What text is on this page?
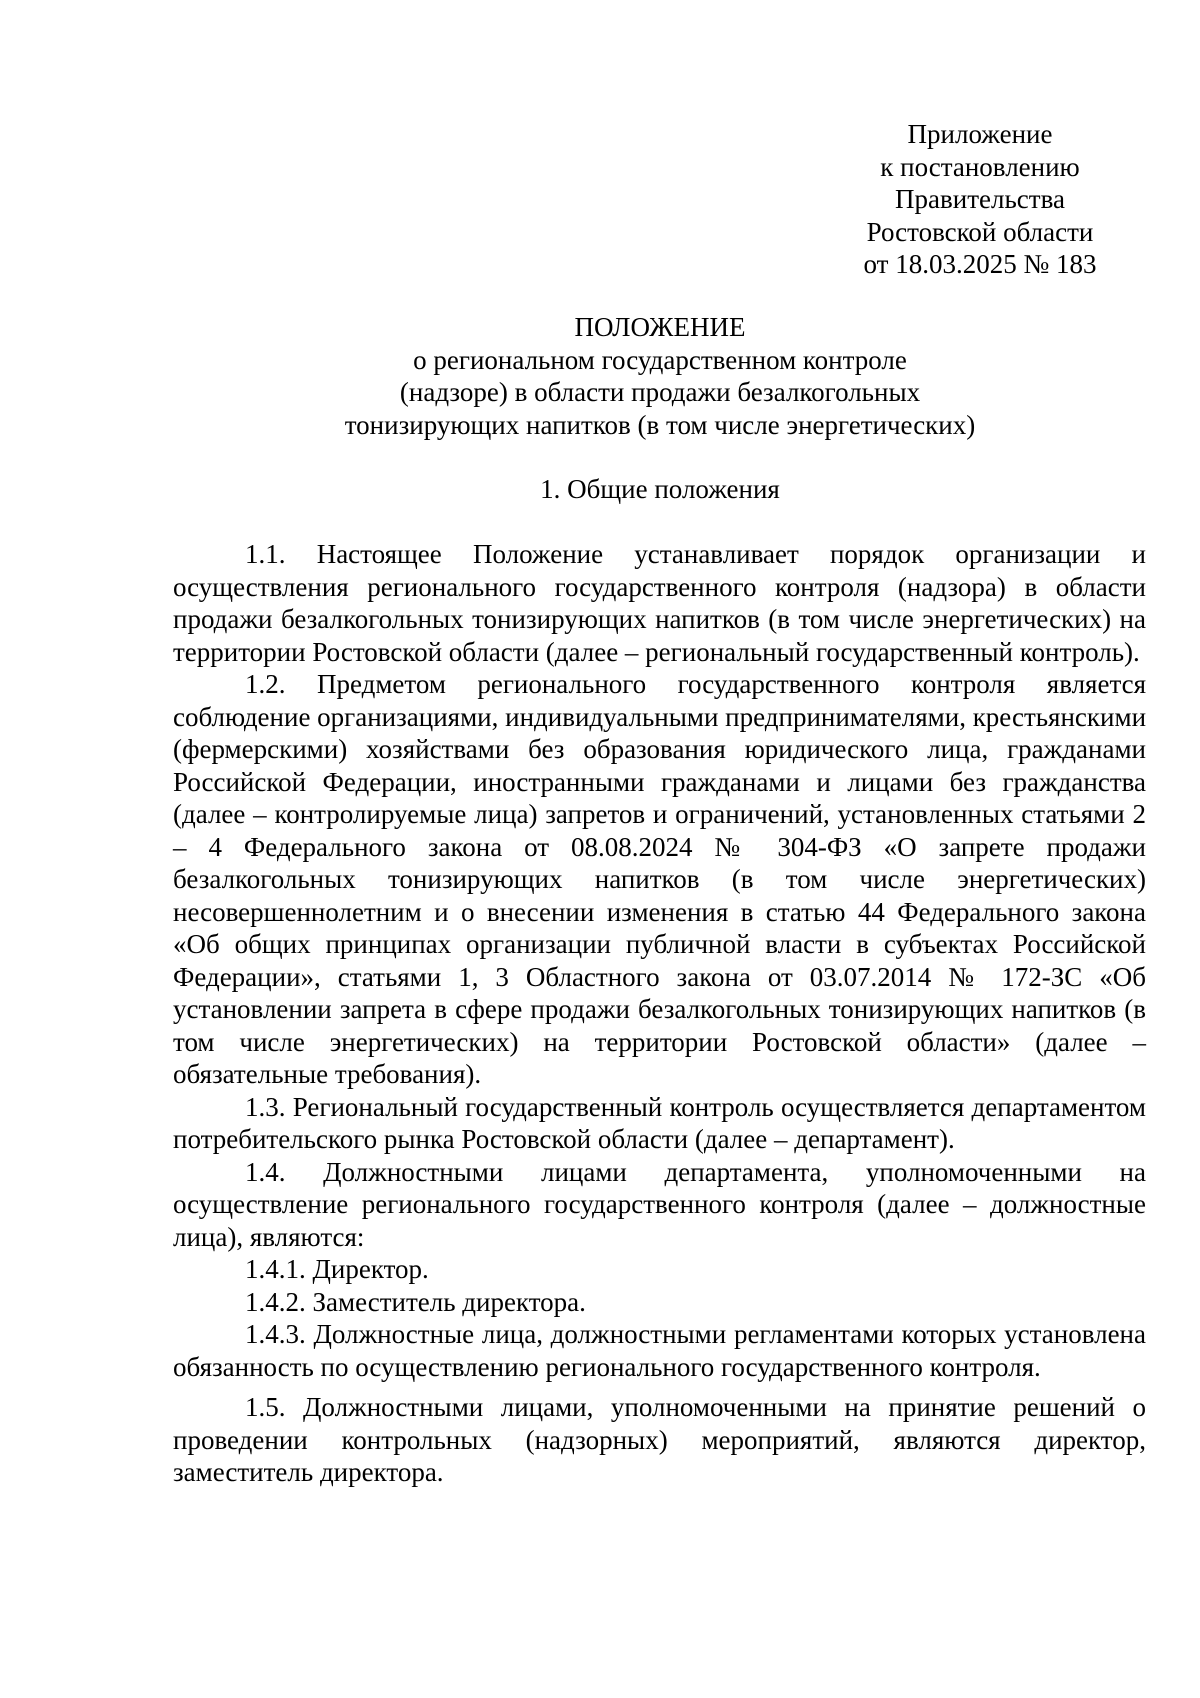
Приложение
к постановлению
Правительства
Ростовской области
от 18.03.2025 № 183
ПОЛОЖЕНИЕ
о региональном государственном контроле
(надзоре) в области продажи безалкогольных
тонизирующих напитков (в том числе энергетических)
1. Общие положения

1.1. Настоящее Положение устанавливает порядок организации и осуществления регионального государственного контроля (надзора) в области продажи безалкогольных тонизирующих напитков (в том числе энергетических) на территории Ростовской области (далее – региональный государственный контроль).

1.2. Предметом регионального государственного контроля является соблюдение организациями, индивидуальными предпринимателями, крестьянскими (фермерскими) хозяйствами без образования юридического лица, гражданами Российской Федерации, иностранными гражданами и лицами без гражданства (далее – контролируемые лица) запретов и ограничений, установленных статьями 2 – 4 Федерального закона от 08.08.2024 № 304-ФЗ «О запрете продажи безалкогольных тонизирующих напитков (в том числе энергетических) несовершеннолетним и о внесении изменения в статью 44 Федерального закона «Об общих принципах организации публичной власти в субъектах Российской Федерации», статьями 1, 3 Областного закона от 03.07.2014 № 172-ЗС «Об установлении запрета в сфере продажи безалкогольных тонизирующих напитков (в том числе энергетических) на территории Ростовской области» (далее – обязательные требования).

1.3. Региональный государственный контроль осуществляется департаментом потребительского рынка Ростовской области (далее – департамент).

1.4. Должностными лицами департамента, уполномоченными на осуществление регионального государственного контроля (далее – должностные лица), являются:

1.4.1. Директор.

1.4.2. Заместитель директора.

1.4.3. Должностные лица, должностными регламентами которых установлена обязанность по осуществлению регионального государственного контроля.

1.5. Должностными лицами, уполномоченными на принятие решений о проведении контрольных (надзорных) мероприятий, являются директор, заместитель директора.
